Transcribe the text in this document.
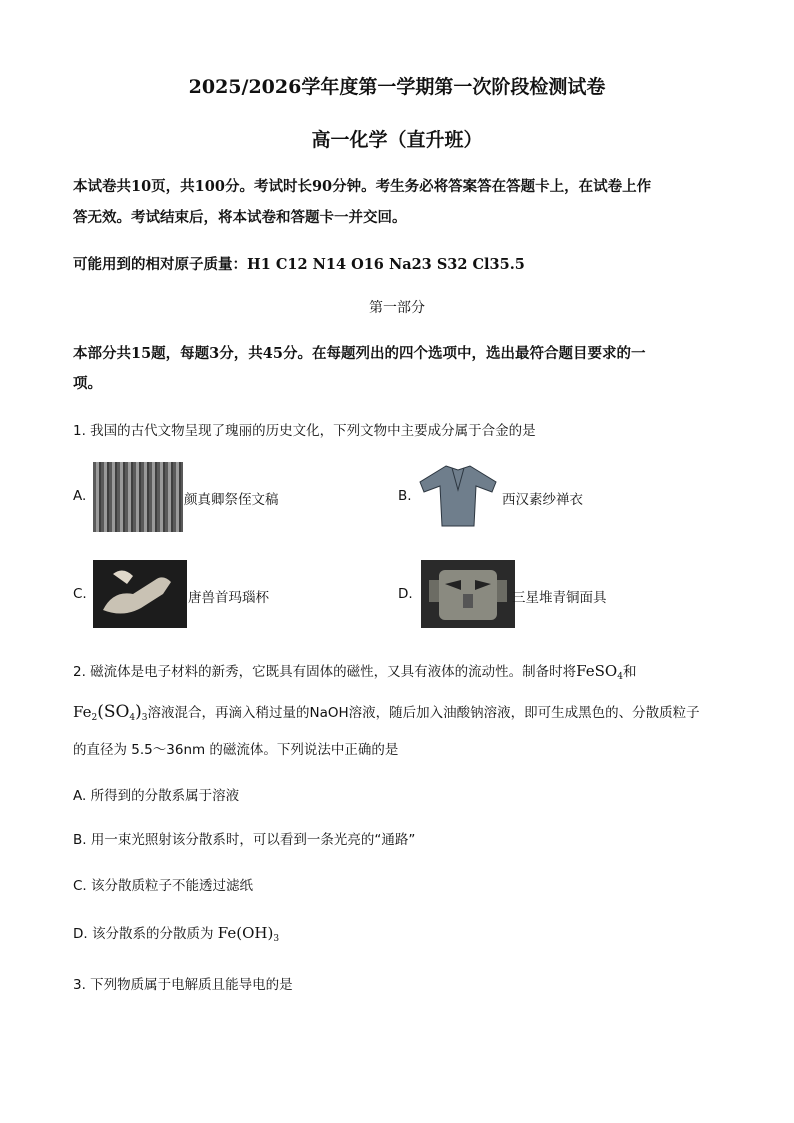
2025/2026学年度第一学期第一次阶段检测试卷
高一化学（直升班）
本试卷共10页，共100分。考试时长90分钟。考生务必将答案答在答题卡上，在试卷上作
答无效。考试结束后，将本试卷和答题卡一并交回。
可能用到的相对原子质量：H1 C12 N14 O16 Na23 S32 Cl35.5
第一部分
本部分共15题，每题3分，共45分。在每题列出的四个选项中，选出最符合题目要求的一
项。
1. 我国的古代文物呈现了瑰丽的历史文化，下列文物中主要成分属于合金的是
A.	颜真卿祭侄文稿	B.	西汉素纱禅衣
C.	唐兽首玛瑙杯	D.	三星堆青铜面具
2. 磁流体是电子材料的新秀，它既具有固体的磁性，又具有液体的流动性。制备时将FeSO$_4$和
$Fe_2(SO_4)_3$溶液混合，再滴入稍过量的NaOH溶液，随后加入油酸钠溶液，即可生成黑色的、分散质粒子
的直径为 5.5～36nm 的磁流体。下列说法中正确的是
A. 所得到的分散系属于溶液
B. 用一束光照射该分散系时，可以看到一条光亮的“通路”
C. 该分散质粒子不能透过滤纸
D. 该分散系的分散质为 $Fe(OH)_3$
3. 下列物质属于电解质且能导电的是
